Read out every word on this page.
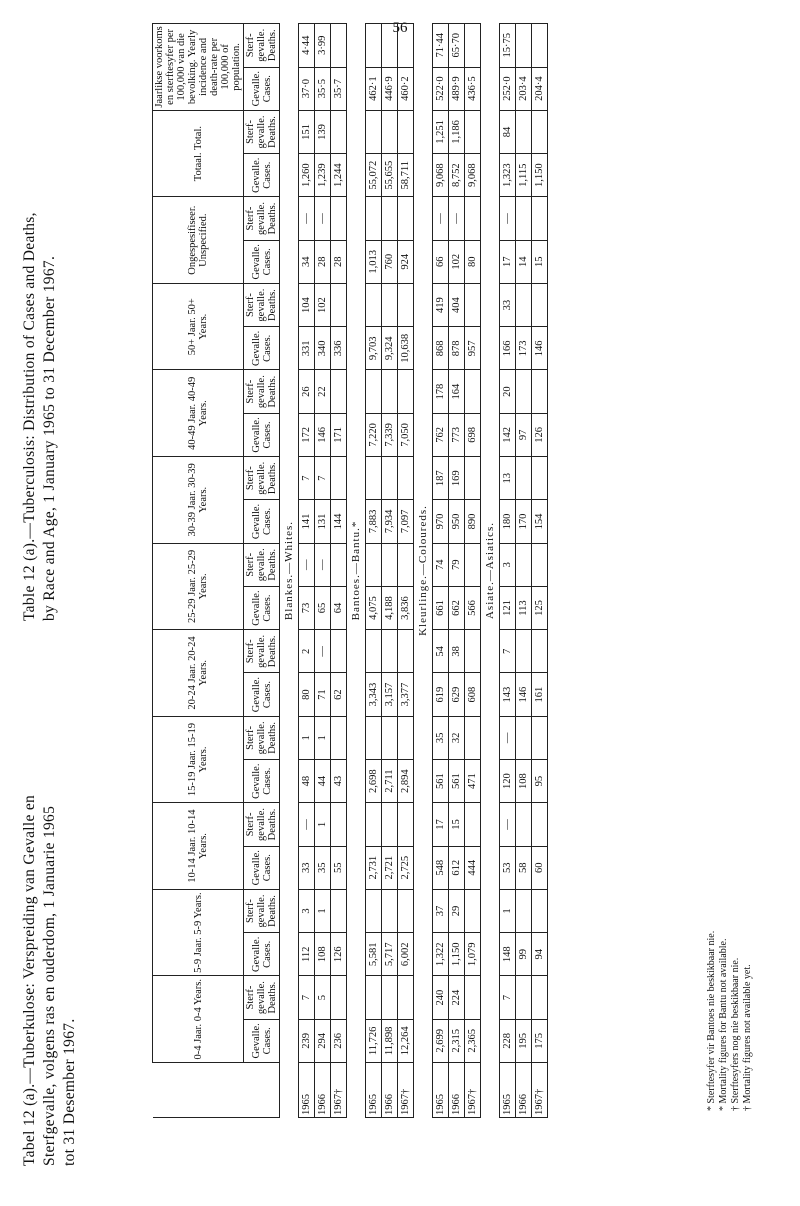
56
Tabel 12 (a).—Tuberkulose: Verspreiding van Gevalle en Sterfgevalle, volgens ras en ouderdom, 1 Januarie 1965 tot 31 Desember 1967.
Table 12 (a).—Tuberculosis: Distribution of Cases and Deaths, by Race and Age, 1 January 1965 to 31 December 1967.
	0-4 Jaar. 0-4 Years.		5-9 Jaar. 5-9 Years.		10-14 Jaar. 10-14 Years.		15-19 Jaar. 15-19 Years.		20-24 Jaar. 20-24 Years.		25-29 Jaar. 25-29 Years.		30-39 Jaar. 30-39 Years.		40-49 Jaar. 40-49 Years.		50+ Jaar. 50+ Years.		Ongespesifiseer. Unspecified.		Totaal. Total.		Jaarlikse voorkoms en sterftesyfer per 100,000 van die bevolking. Yearly incidence and death-rate per 100,000 of population.	
	Gevalle. Cases.	Sterf-gevalle. Deaths.	Gevalle. Cases.	Sterf-gevalle. Deaths.	Gevalle. Cases.	Sterf-gevalle. Deaths.	Gevalle. Cases.	Sterf-gevalle. Deaths.	Gevalle. Cases.	Sterf-gevalle. Deaths.	Gevalle. Cases.	Sterf-gevalle. Deaths.	Gevalle. Cases.	Sterf-gevalle. Deaths.	Gevalle. Cases.	Sterf-gevalle. Deaths.	Gevalle. Cases.	Sterf-gevalle. Deaths.	Gevalle. Cases.	Sterf-gevalle. Deaths.	Gevalle. Cases.	Sterf-gevalle. Deaths.	Gevalle. Cases.	Sterf-gevalle. Deaths.
Blankes.—Whites.																								
1965	239	7	112	3	33	—	48	1	80	2	73	—	141	7	172	26	331	104	34	—	1,260	151	37·0	4·44
1966	294	5	108	1	35	1	44	1	71	—	65	—	131	7	146	22	340	102	28	—	1,239	139	35·5	3·99
1967†	236		126		55		43		62		64		144		171		336		28		1,244		35·7	
Bantoes.—Bantu.*																								
1965	11,726		5,581		2,731		2,698		3,343		4,075		7,883		7,220		9,703		1,013		55,072		462·1	
1966	11,898		5,717		2,721		2,711		3,157		4,188		7,934		7,339		9,324		760		55,655		446·9	
1967†	12,264		6,002		2,725		2,894		3,377		3,836		7,097		7,050		10,638		924		58,711		460·2	
Kleurlinge.—Coloureds.																								
1965	2,699	240	1,322	37	548	17	561	35	619	54	661	74	970	187	762	178	868	419	66	—	9,068	1,251	522·0	71·44
1966	2,315	224	1,150	29	612	15	561	32	629	38	662	79	950	169	773	164	878	404	102	—	8,752	1,186	489·9	65·70
1967†	2,365		1,079		444		471		608		566		890		698		957		80		9,068		436·5	
Asiate.—Asiatics.																								
1965	228	7	148	1	53	—	120	—	143	7	121	3	180	13	142	20	166	33	17	—	1,323	84	252·0	15·75
1966	195		99		58		108		146		113		170		97		173		14		1,115		203·4	
1967†	175		94		60		95		161		125		154		126		146		15		1,150		204·4	
* Sterftesyfer vir Bantoes nie beskikbaar nie. * Mortality figures for Bantu not available. † Sterftesyfers nog nie beskikbaar nie. † Mortality figures not available yet.
